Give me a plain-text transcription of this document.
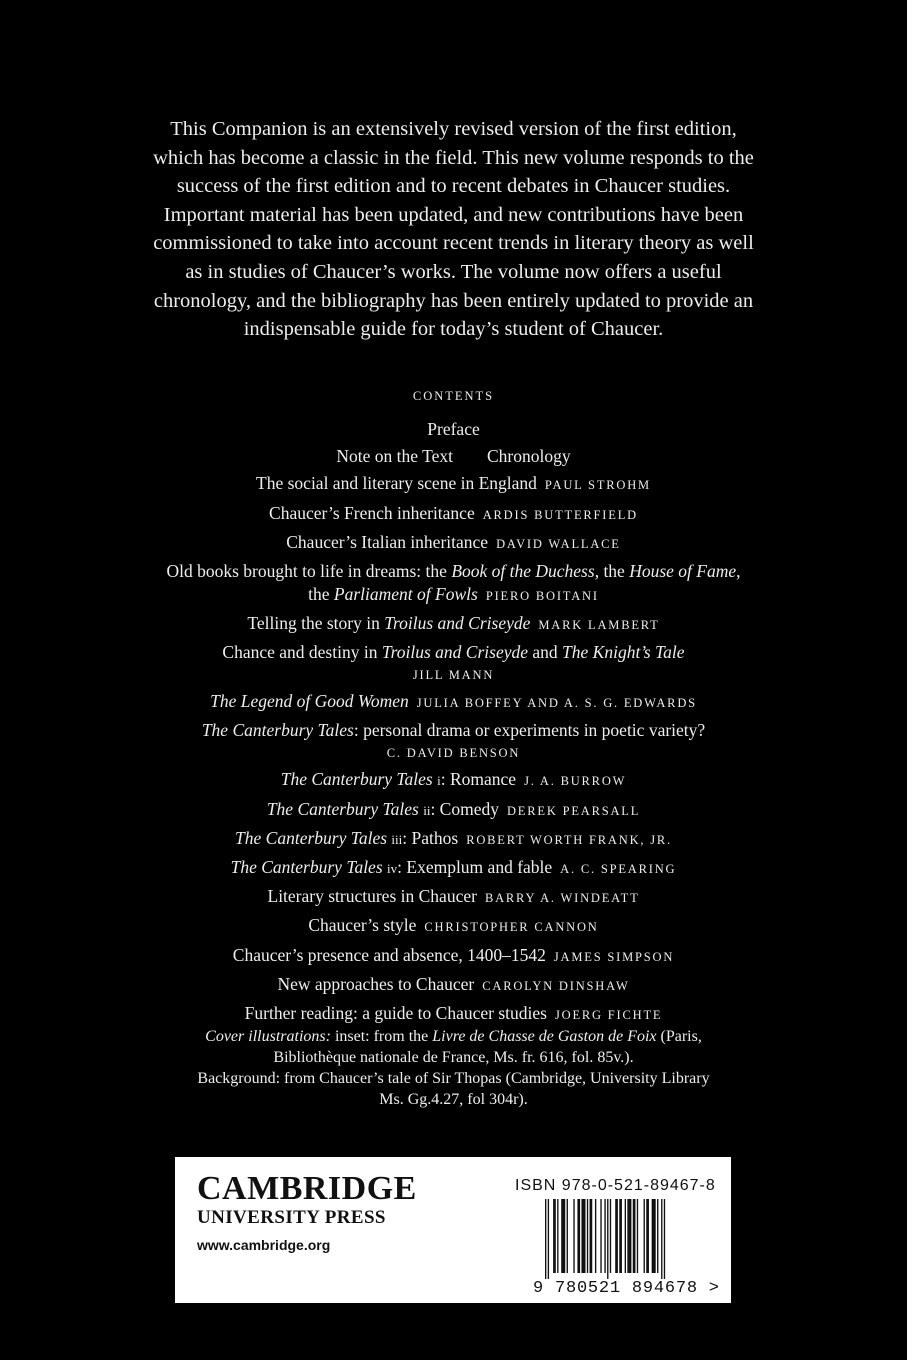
This Companion is an extensively revised version of the first edition,
which has become a classic in the field. This new volume responds to the
success of the first edition and to recent debates in Chaucer studies.
Important material has been updated, and new contributions have been
commissioned to take into account recent trends in literary theory as well
as in studies of Chaucer’s works. The volume now offers a useful
chronology, and the bibliography has been entirely updated to provide an
indispensable guide for today’s student of Chaucer.
CONTENTS
Preface
Note on the Text Chronology
The social and literary scene in England PAUL STROHM
Chaucer’s French inheritance ARDIS BUTTERFIELD
Chaucer’s Italian inheritance DAVID WALLACE
Old books brought to life in dreams: the Book of the Duchess, the House of Fame,
the Parliament of Fowls PIERO BOITANI
Telling the story in Troilus and Criseyde MARK LAMBERT
Chance and destiny in Troilus and Criseyde and The Knight’s Tale
JILL MANN
The Legend of Good Women JULIA BOFFEY AND A. S. G. EDWARDS
The Canterbury Tales: personal drama or experiments in poetic variety?
C. DAVID BENSON
The Canterbury Tales i: Romance J. A. BURROW
The Canterbury Tales ii: Comedy DEREK PEARSALL
The Canterbury Tales iii: Pathos ROBERT WORTH FRANK, JR.
The Canterbury Tales iv: Exemplum and fable A. C. SPEARING
Literary structures in Chaucer BARRY A. WINDEATT
Chaucer’s style CHRISTOPHER CANNON
Chaucer’s presence and absence, 1400–1542 JAMES SIMPSON
New approaches to Chaucer CAROLYN DINSHAW
Further reading: a guide to Chaucer studies JOERG FICHTE

Cover illustrations: inset: from the Livre de Chasse de Gaston de Foix (Paris,

Bibliothèque nationale de France, Ms. fr. 616, fol. 85v.).

Background: from Chaucer’s tale of Sir Thopas (Cambridge, University Library

Ms. Gg.4.27, fol 304r).

CAMBRIDGE
UNIVERSITY PRESS
www.cambridge.org
ISBN 978-0-521-89467-8
9 780521 894678 >
